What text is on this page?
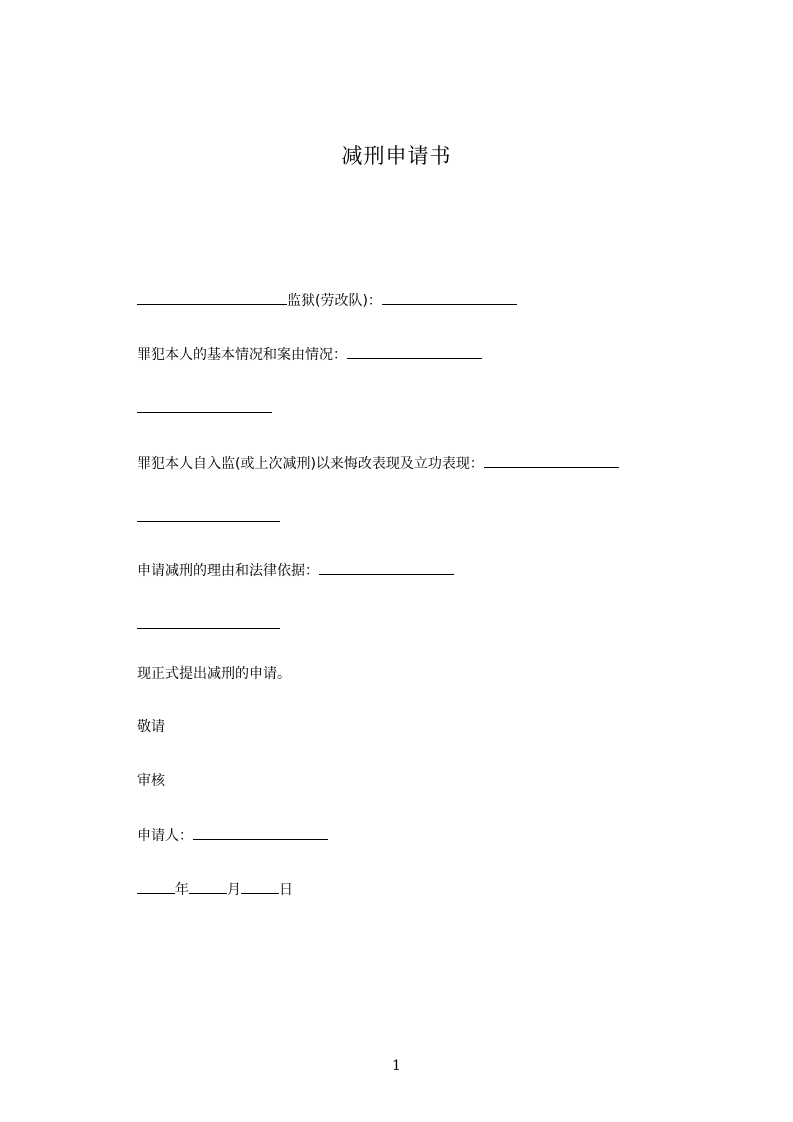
减刑申请书

监狱(劳改队)：

罪犯本人的基本情况和案由情况：

罪犯本人自入监(或上次减刑)以来悔改表现及立功表现：

申请减刑的理由和法律依据：

现正式提出减刑的申请。

敬请

审核

申请人：

年	月	日

1
